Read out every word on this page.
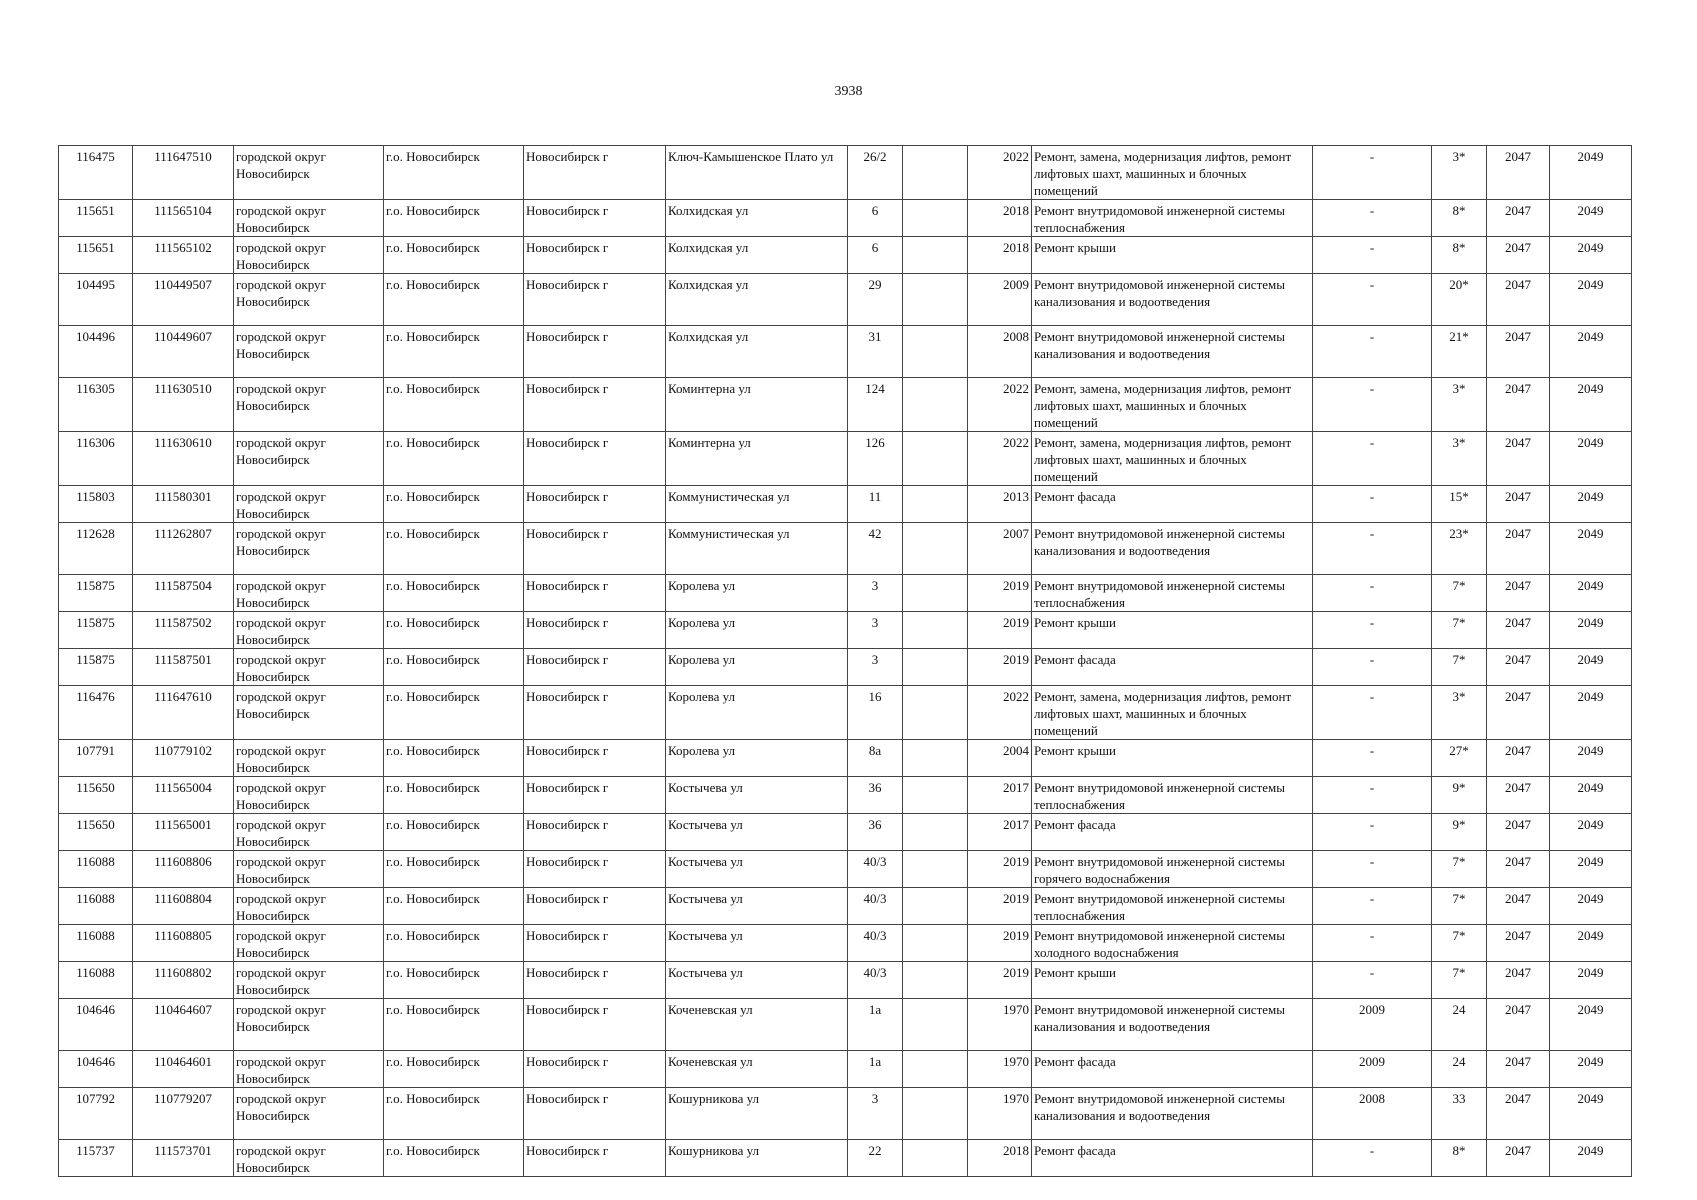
3938
116475	111647510	городской округ Новосибирск	г.о. Новосибирск	Новосибирск г	Ключ-Камышенское Плато ул	26/2		2022	Ремонт, замена, модернизация лифтов, ремонт лифтовых шахт, машинных и блочных помещений	-	3*	2047	2049
115651	111565104	городской округ Новосибирск	г.о. Новосибирск	Новосибирск г	Колхидская ул	6		2018	Ремонт внутридомовой инженерной системы теплоснабжения	-	8*	2047	2049
115651	111565102	городской округ Новосибирск	г.о. Новосибирск	Новосибирск г	Колхидская ул	6		2018	Ремонт крыши	-	8*	2047	2049
104495	110449507	городской округ Новосибирск	г.о. Новосибирск	Новосибирск г	Колхидская ул	29		2009	Ремонт внутридомовой инженерной системы канализования и водоотведения	-	20*	2047	2049
104496	110449607	городской округ Новосибирск	г.о. Новосибирск	Новосибирск г	Колхидская ул	31		2008	Ремонт внутридомовой инженерной системы канализования и водоотведения	-	21*	2047	2049
116305	111630510	городской округ Новосибирск	г.о. Новосибирск	Новосибирск г	Коминтерна ул	124		2022	Ремонт, замена, модернизация лифтов, ремонт лифтовых шахт, машинных и блочных помещений	-	3*	2047	2049
116306	111630610	городской округ Новосибирск	г.о. Новосибирск	Новосибирск г	Коминтерна ул	126		2022	Ремонт, замена, модернизация лифтов, ремонт лифтовых шахт, машинных и блочных помещений	-	3*	2047	2049
115803	111580301	городской округ Новосибирск	г.о. Новосибирск	Новосибирск г	Коммунистическая ул	11		2013	Ремонт фасада	-	15*	2047	2049
112628	111262807	городской округ Новосибирск	г.о. Новосибирск	Новосибирск г	Коммунистическая ул	42		2007	Ремонт внутридомовой инженерной системы канализования и водоотведения	-	23*	2047	2049
115875	111587504	городской округ Новосибирск	г.о. Новосибирск	Новосибирск г	Королева ул	3		2019	Ремонт внутридомовой инженерной системы теплоснабжения	-	7*	2047	2049
115875	111587502	городской округ Новосибирск	г.о. Новосибирск	Новосибирск г	Королева ул	3		2019	Ремонт крыши	-	7*	2047	2049
115875	111587501	городской округ Новосибирск	г.о. Новосибирск	Новосибирск г	Королева ул	3		2019	Ремонт фасада	-	7*	2047	2049
116476	111647610	городской округ Новосибирск	г.о. Новосибирск	Новосибирск г	Королева ул	16		2022	Ремонт, замена, модернизация лифтов, ремонт лифтовых шахт, машинных и блочных помещений	-	3*	2047	2049
107791	110779102	городской округ Новосибирск	г.о. Новосибирск	Новосибирск г	Королева ул	8а		2004	Ремонт крыши	-	27*	2047	2049
115650	111565004	городской округ Новосибирск	г.о. Новосибирск	Новосибирск г	Костычева ул	36		2017	Ремонт внутридомовой инженерной системы теплоснабжения	-	9*	2047	2049
115650	111565001	городской округ Новосибирск	г.о. Новосибирск	Новосибирск г	Костычева ул	36		2017	Ремонт фасада	-	9*	2047	2049
116088	111608806	городской округ Новосибирск	г.о. Новосибирск	Новосибирск г	Костычева ул	40/3		2019	Ремонт внутридомовой инженерной системы горячего водоснабжения	-	7*	2047	2049
116088	111608804	городской округ Новосибирск	г.о. Новосибирск	Новосибирск г	Костычева ул	40/3		2019	Ремонт внутридомовой инженерной системы теплоснабжения	-	7*	2047	2049
116088	111608805	городской округ Новосибирск	г.о. Новосибирск	Новосибирск г	Костычева ул	40/3		2019	Ремонт внутридомовой инженерной системы холодного водоснабжения	-	7*	2047	2049
116088	111608802	городской округ Новосибирск	г.о. Новосибирск	Новосибирск г	Костычева ул	40/3		2019	Ремонт крыши	-	7*	2047	2049
104646	110464607	городской округ Новосибирск	г.о. Новосибирск	Новосибирск г	Коченевская ул	1а		1970	Ремонт внутридомовой инженерной системы канализования и водоотведения	2009	24	2047	2049
104646	110464601	городской округ Новосибирск	г.о. Новосибирск	Новосибирск г	Коченевская ул	1а		1970	Ремонт фасада	2009	24	2047	2049
107792	110779207	городской округ Новосибирск	г.о. Новосибирск	Новосибирск г	Кошурникова ул	3		1970	Ремонт внутридомовой инженерной системы канализования и водоотведения	2008	33	2047	2049
115737	111573701	городской округ Новосибирск	г.о. Новосибирск	Новосибирск г	Кошурникова ул	22		2018	Ремонт фасада	-	8*	2047	2049
